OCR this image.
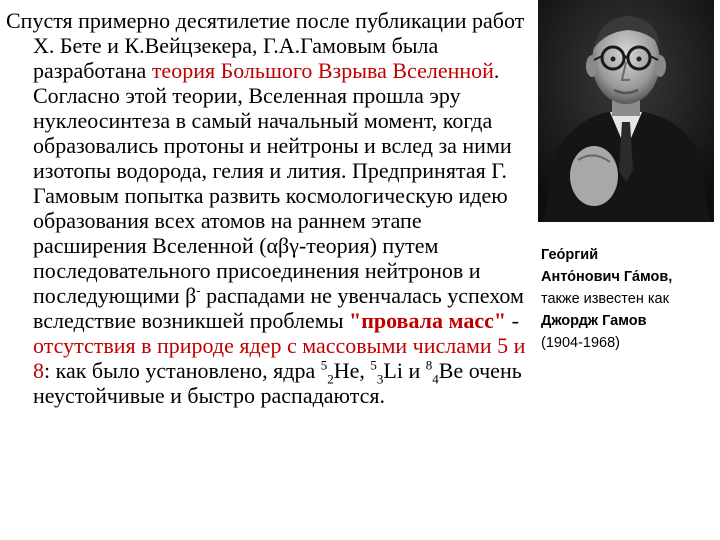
Спустя примерно десятилетие после публикации работ Х. Бете и К.Вейцзекера, Г.А.Гамовым была разработана теория Большого Взрыва Вселенной. Согласно этой теории, Вселенная прошла эру нуклеосинтеза в самый начальный момент, когда образовались протоны и нейтроны и вслед за ними изотопы водорода, гелия и лития. Предпринятая Г. Гамовым попытка развить космологическую идею образования всех атомов на раннем этапе расширения Вселенной (αβγ-теория) путем последовательного присоединения нейтронов и последующими β- распадами не увенчалась успехом вследствие возникшей проблемы "провала масс" - отсутствия в природе ядер с массовыми числами 5 и 8: как было установлено, ядра $^5_2$He, $^5_3$Li и $^8_4$Be очень неустойчивые и быстро распадаются.

Гео́ргий
Анто́нович Га́мов,
также известен как
Джордж Гамов
(1904-1968)
